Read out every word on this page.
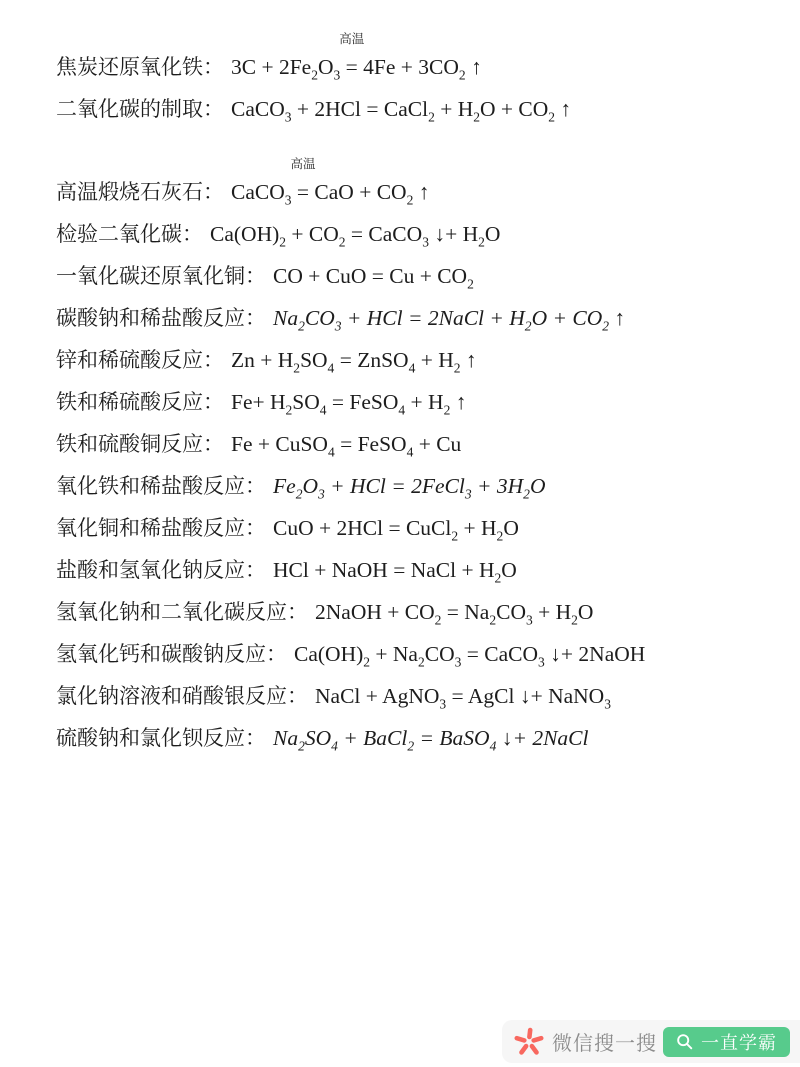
焦炭还原氧化铁： $3C + 2Fe_2O_3$
高温
= $4Fe + 3CO_2$ ↑
二氧化碳的制取： CaCO$_3$ + 2HCl = CaCl$_2$ + $H_2O + CO_2$ ↑
高温煅烧石灰石： CaCO$_3$
高温
= CaO + $CO_2$ ↑
检验二氧化碳： $Ca(OH)_2 + CO_2$ = CaCO$_3$ ↓+ $H_2O$
一氧化碳还原氧化铜： CO + CuO = $Cu + CO_2$
碳酸钠和稀盐酸反应： $Na_2CO_3$ + HCl = 2NaCl + $H_2O + CO_2$ ↑
锌和稀硫酸反应： $Zn + H_2SO_4$ = ZnSO$_4$ + $H_2$ ↑
铁和稀硫酸反应： $Fe+ H_2SO_4$ = FeSO$_4$ + $H_2$ ↑
铁和硫酸铜反应： Fe + CuSO$_4$ = FeSO$_4$ + Cu
氧化铁和稀盐酸反应： $Fe_2O_3$ + HCl = 2FeCl$_3$ + $3H_2O$
氧化铜和稀盐酸反应： CuO + 2HCl = CuCl$_2$ + $H_2O$
盐酸和氢氧化钠反应： HCl + NaOH = NaCl + $H_2O$
氢氧化钠和二氧化碳反应： 2NaOH + $CO_2 = Na_2CO_3 + H_2O$
氢氧化钙和碳酸钠反应： $Ca(OH)_2 + Na_2CO_3$ = CaCO$_3$ ↓+ 2NaOH
氯化钠溶液和硝酸银反应： NaCl + AgNO$_3$ = AgCl ↓+ NaNO$_3$
硫酸钠和氯化钡反应： $Na_2SO_4$ + BaCl$_2$ = BaSO$_4$ ↓+ 2NaCl
微信搜一搜 一直学霸
